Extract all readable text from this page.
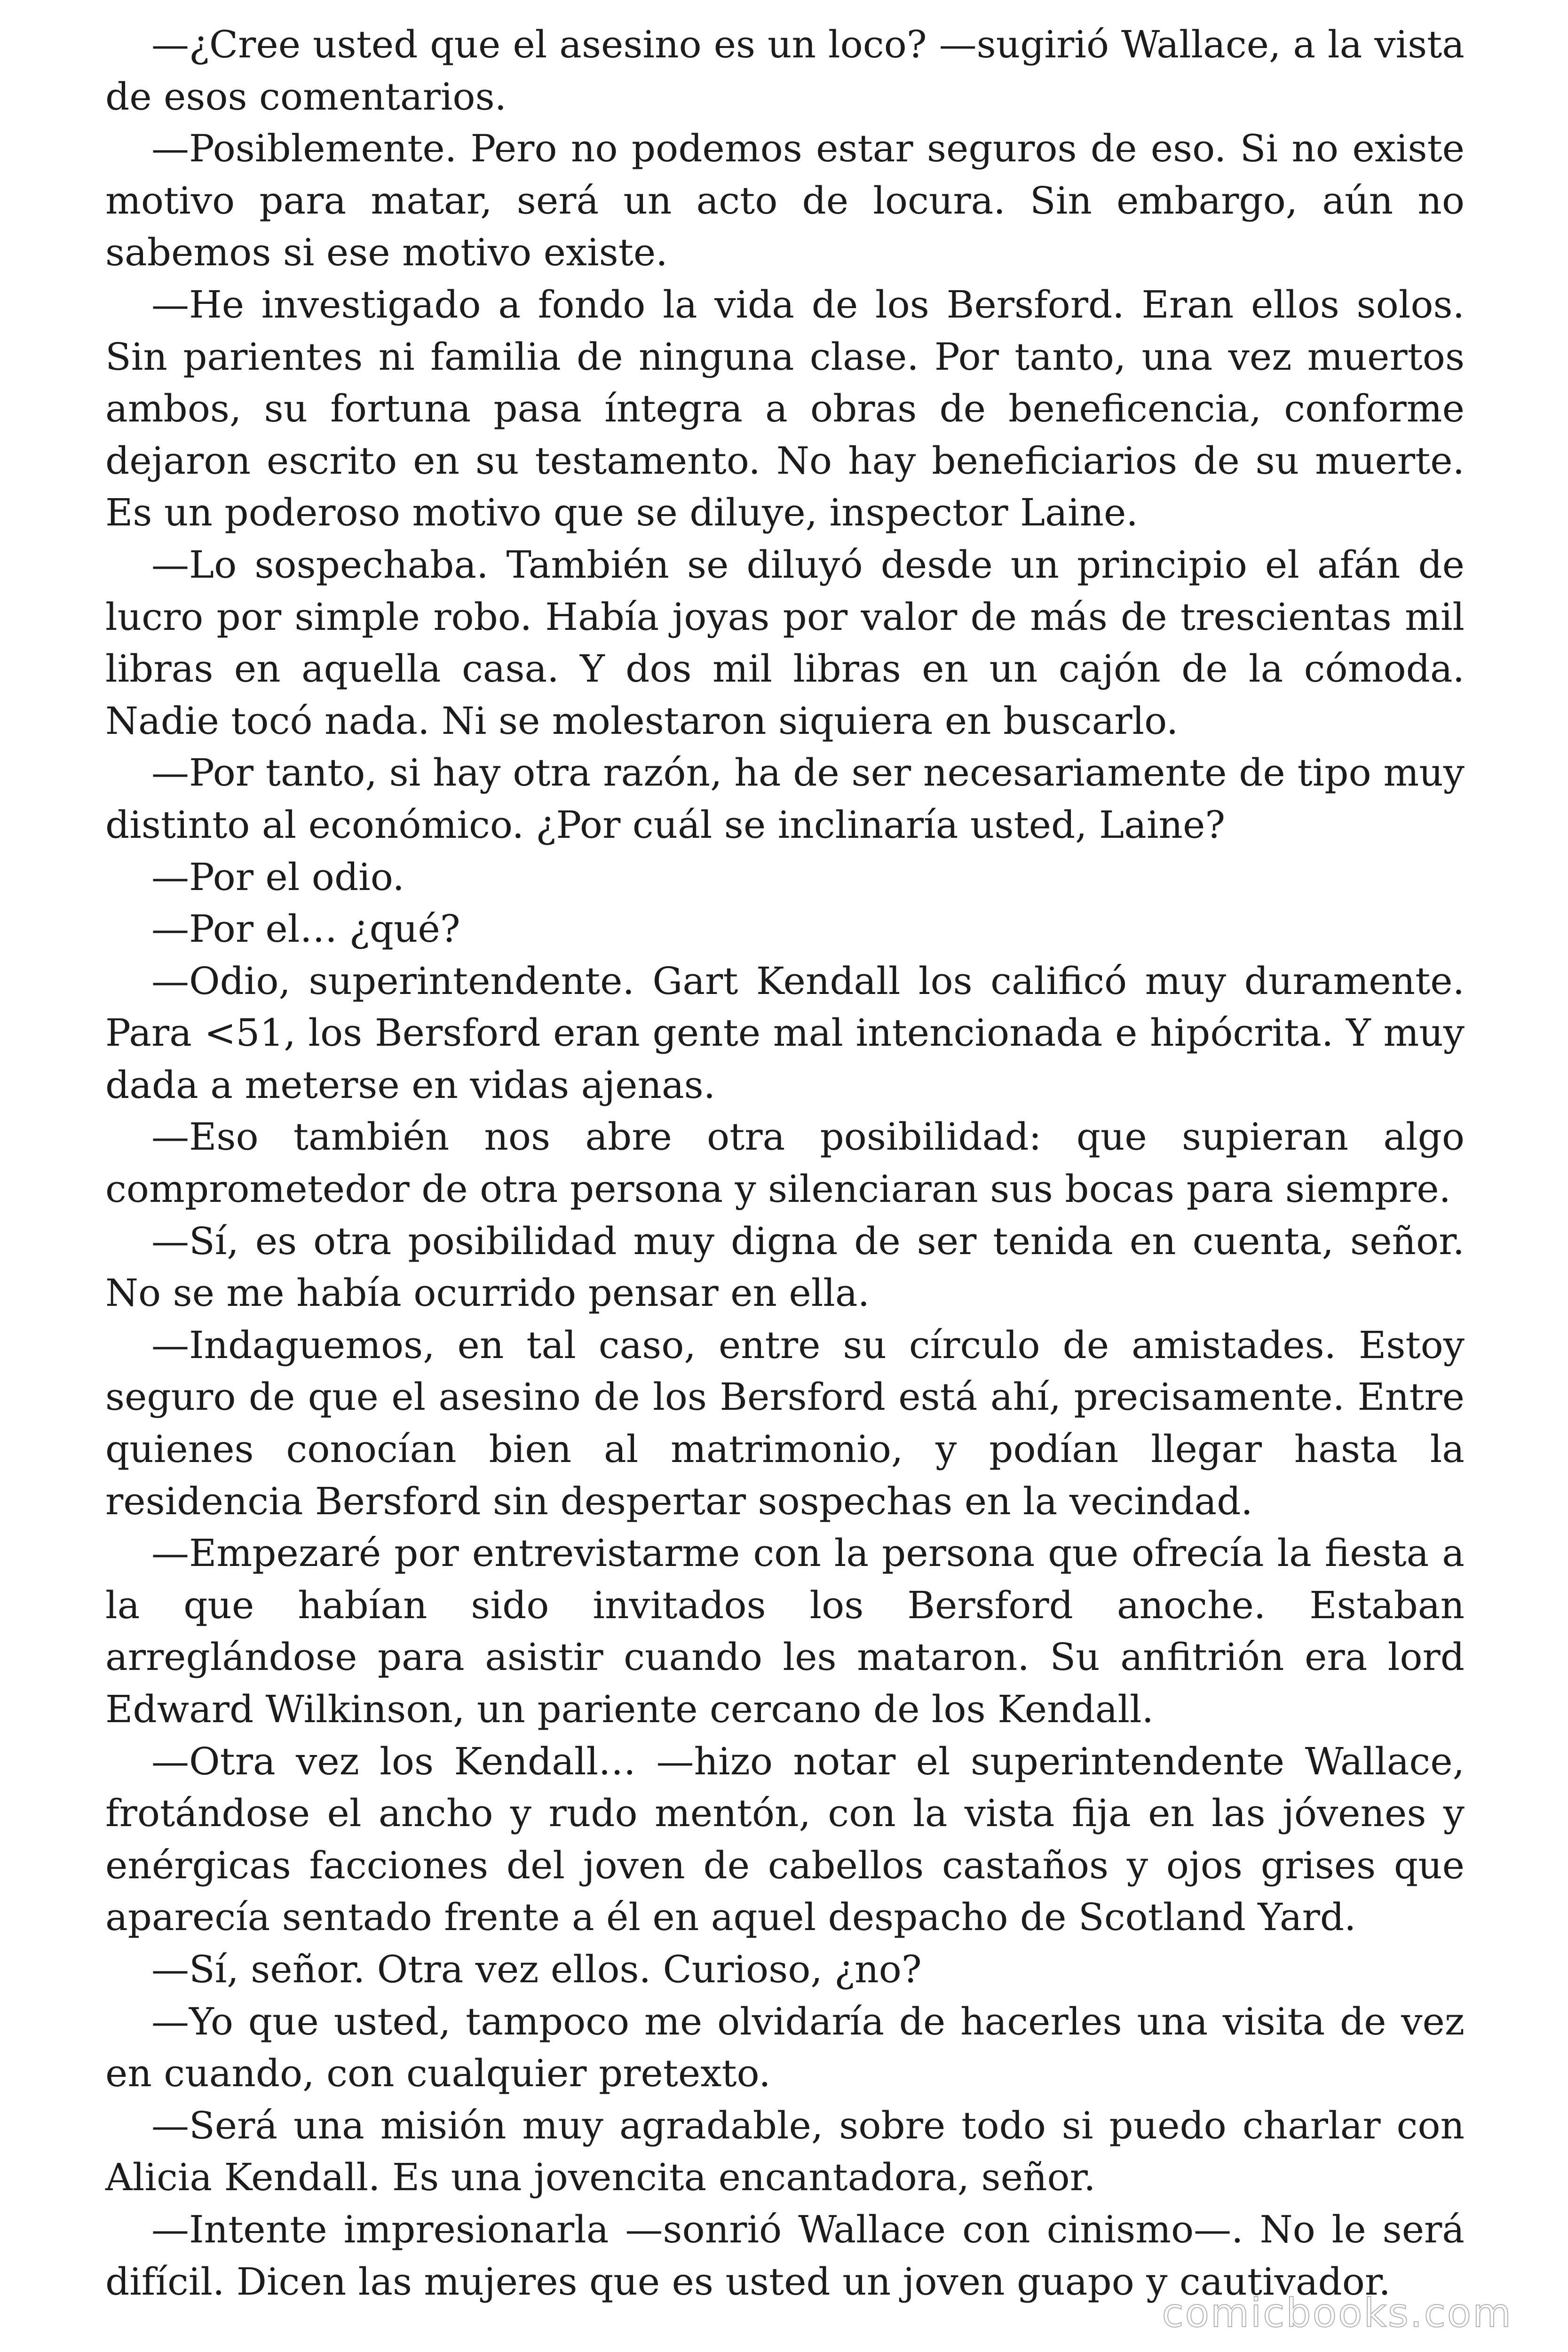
—¿Cree usted que el asesino es un loco? —sugirió Wallace, a la vista de esos comentarios.

—Posiblemente. Pero no podemos estar seguros de eso. Si no existe motivo para matar, será un acto de locura. Sin embargo, aún no sabemos si ese motivo existe.

—He investigado a fondo la vida de los Bersford. Eran ellos solos. Sin parientes ni familia de ninguna clase. Por tanto, una vez muertos ambos, su fortuna pasa íntegra a obras de beneficencia, conforme dejaron escrito en su testamento. No hay beneficiarios de su muerte. Es un poderoso motivo que se diluye, inspector Laine.

—Lo sospechaba. También se diluyó desde un principio el afán de lucro por simple robo. Había joyas por valor de más de trescientas mil libras en aquella casa. Y dos mil libras en un cajón de la cómoda. Nadie tocó nada. Ni se molestaron siquiera en buscarlo.

—Por tanto, si hay otra razón, ha de ser necesariamente de tipo muy distinto al económico. ¿Por cuál se inclinaría usted, Laine?

—Por el odio.

—Por el… ¿qué?

—Odio, superintendente. Gart Kendall los calificó muy duramente. Para <51, los Bersford eran gente mal intencionada e hipócrita. Y muy dada a meterse en vidas ajenas.

—Eso también nos abre otra posibilidad: que supieran algo comprometedor de otra persona y silenciaran sus bocas para siempre.

—Sí, es otra posibilidad muy digna de ser tenida en cuenta, señor. No se me había ocurrido pensar en ella.

—Indaguemos, en tal caso, entre su círculo de amistades. Estoy seguro de que el asesino de los Bersford está ahí, precisamente. Entre quienes conocían bien al matrimonio, y podían llegar hasta la residencia Bersford sin despertar sospechas en la vecindad.

—Empezaré por entrevistarme con la persona que ofrecía la fiesta a la que habían sido invitados los Bersford anoche. Estaban arreglándose para asistir cuando les mataron. Su anfitrión era lord Edward Wilkinson, un pariente cercano de los Kendall.

—Otra vez los Kendall… —hizo notar el superintendente Wallace, frotándose el ancho y rudo mentón, con la vista fija en las jóvenes y enérgicas facciones del joven de cabellos castaños y ojos grises que aparecía sentado frente a él en aquel despacho de Scotland Yard.

—Sí, señor. Otra vez ellos. Curioso, ¿no?

—Yo que usted, tampoco me olvidaría de hacerles una visita de vez en cuando, con cualquier pretexto.

—Será una misión muy agradable, sobre todo si puedo charlar con Alicia Kendall. Es una jovencita encantadora, señor.

—Intente impresionarla —sonrió Wallace con cinismo—. No le será difícil. Dicen las mujeres que es usted un joven guapo y cautivador.

comicbooks.com
